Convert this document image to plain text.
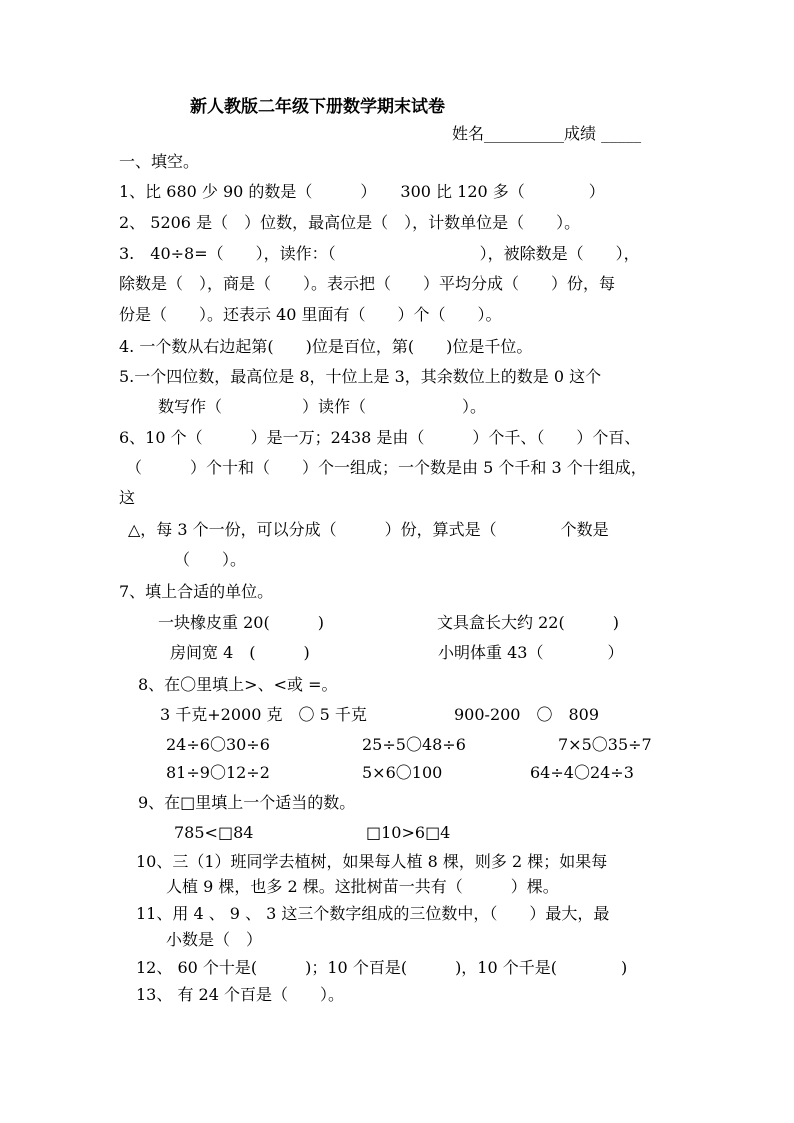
新人教版二年级下册数学期末试卷
姓名__________成绩 _____
一、填空。
1、比 680 少 90 的数是（　　　）　　300 比 120 多（　　　　）
2、 5206 是（　）位数，最高位是（　），计数单位是（　　）。
3.　40÷8=（　　），读作：（　　　　　　　　　），被除数是（　　），
除数是（　），商是（　　）。表示把（　　）平均分成（　　）份，每
份是（　　）。还表示 40 里面有（　　）个（　　）。
4. 一个数从右边起第(　　)位是百位，第(　　)位是千位。
5.一个四位数，最高位是 8，十位上是 3，其余数位上的数是 0 这个
数写作（　　　　　）读作（　　　　　　）。
6、10 个（　　　）是一万；2438 是由（　　　）个千、（　　）个百、
（　　　）个十和（　　）个一组成；一个数是由 5 个千和 3 个十组成，
这
△，每 3 个一份，可以分成（　　　）份，算式是（　　　　个数是
（　　）。
7、填上合适的单位。
一块橡皮重 20(　　　)	文具盒长大约 22(　　　)
房间宽 4　(　　　)	小明体重 43（　　　　）
8、在〇里填上>、<或 =。
3 千克+2000 克　〇 5 千克	900-200　〇　809
24÷6〇30÷6	25÷5〇48÷6	7×5〇35÷7
81÷9〇12÷2	5×6〇100	64÷4〇24÷3
9、在□里填上一个适当的数。
785<□84	□10>6□4
10、三（1）班同学去植树，如果每人植 8 棵，则多 2 棵；如果每
人植 9 棵，也多 2 棵。这批树苗一共有（　　　）棵。
11、用 4 、 9 、 3 这三个数字组成的三位数中，（　　）最大，最
小数是（　）
12、 60 个十是(　　　)；10 个百是(　　　)，10 个千是(　　　　)
13、 有 24 个百是（　　）。
